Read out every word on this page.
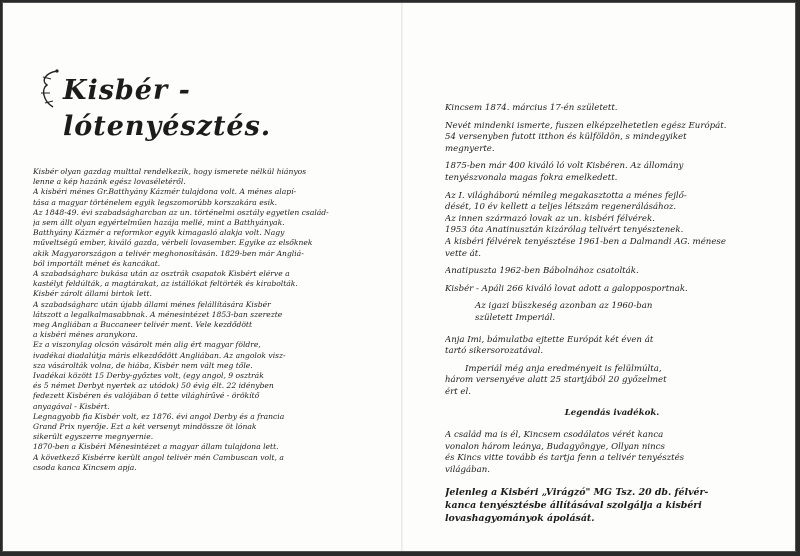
Kisbér - lótenyésztés.

Kisbér olyan gazdag multtal rendelkezik, hogy ismerete nélkül hiányos

lenne a kép hazánk egész lovaséletéről.

A kisbéri ménes Gr.Batthyány Kázmér tulajdona volt. A ménes alapí-

tása a magyar történelem egyik legszomorúbb korszakára esik.

Az 1848-49. évi szabadságharcban az un. történelmi osztály egyetlen család-

ja sem állt olyan egyértelműen hazája mellé, mint a Batthyányak.

Batthyány Kázmér a reformkor egyik kimagasló alakja volt. Nagy

műveltségű ember, kiváló gazda, vérbeli lovasember. Egyike az elsőknek

akik Magyarországon a telivér meghonosításán. 1829-ben már Angliá-

ból importált ménet és kancákat.

A szabadságharc bukása után az osztrák csapatok Kisbért elérve a

kastélyt feldúlták, a magtárakat, az istállókat feltörték és kirabolták.

Kisbér zárolt állami birtok lett.

A szabadságharc után újabb állami ménes felállítására Kisbér

látszott a legalkalmasabbnak. A ménesintézet 1853-ban szerezte

meg Angliában a Buccaneer telivér ment. Vele kezdődött

a kisbéri ménes aranykora.

Ez a viszonylag olcsón vásárolt mén alig ért magyar földre,

ivadékai diadalútja máris elkezdődött Angliában. Az angolok visz-

sza vásárolták volna, de hiába, Kisbér nem vált meg tőle.

Ivadékai között 15 Derby-győztes volt, (egy angol, 9 osztrák

és 5 német Derbyt nyertek az utódok) 50 évig élt. 22 idényben

fedezett Kisbéren és valójában ő tette világhírűvé - örökítő

anyagával - Kisbért.

Legnagyobb fia Kisbér volt, ez 1876. évi angol Derby és a francia

Grand Prix nyerője. Ezt a két versenyt mindössze öt lónak

sikerült egyszerre megnyernie.

1870-ben a Kisbéri Ménesintézet a magyar állam tulajdona lett.

A következő Kisbérre került angol telivér mén Cambuscan volt, a

csoda kanca Kincsem apja.

Kincsem 1874. március 17-én született.

Nevét mindenki ismerte, fuszen elképzelhetetlen egész Európát.

54 versenyben futott itthon és külföldön, s mindegyiket

megnyerte.

1875-ben már 400 kiváló ló volt Kisbéren. Az állomány

tenyészvonala magas fokra emelkedett.

Az I. világháború némileg megakasztotta a ménes fejlő-

dését, 10 év kellett a teljes létszám regenerálásához.

Az innen származó lovak az un. kisbéri félvérek.

1953 óta Anatiпusztán kizárólag telivért tenyésztenek.

A kisbéri félvérek tenyésztése 1961-ben a Dalmandi ÁG. ménese

vette át.

Anatipuszta 1962-ben Bábolnához csatolták.

Kisbér - Apáli 266 kiváló lovat adott a galopposportnak.

Az igazi büszkeség azonban az 1960-ban

született Imperiál.

Anja Imi, bámulatba ejtette Európát két éven át

tartó sikersorozatával.

Imperiál még anja eredményeit is felülmúlta,

három versenyéve alatt 25 startjából 20 győzelmet

ért el.

Legendás ivadékok.

A család ma is él, Kincsem csodálatos vérét kanca

vonalon három leánya, Budagyöngye, Ollyan nincs

és Kincs vitte tovább és tartja fenn a telivér tenyésztés

világában.

Jelenleg a Kisbéri „Virágzó" MG Tsz. 20 db. félvér-

kanca tenyésztésbe állításával szolgálja a kisbéri

lovashagyományok ápolását.
